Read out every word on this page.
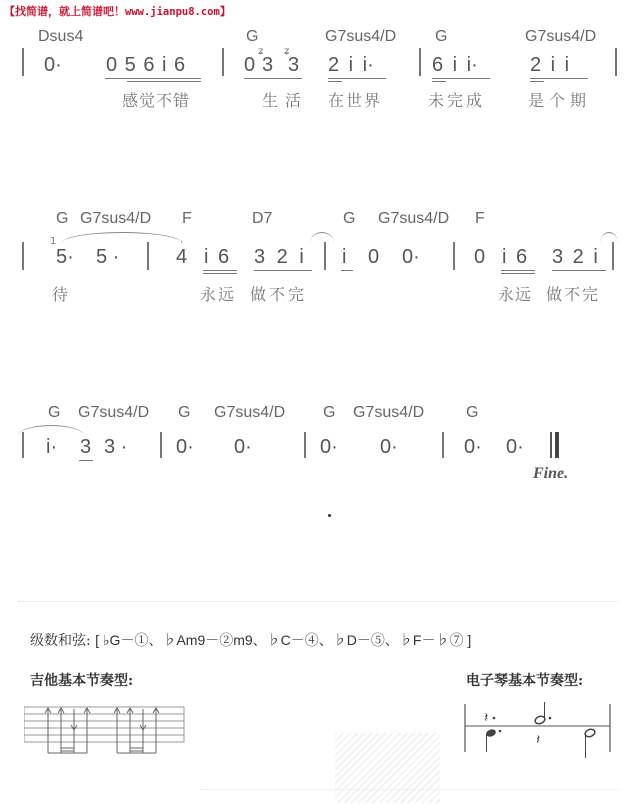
【找简谱，就上简谱吧！www.jianpu8.com】
Dsus4	G	G7sus4/D G	G7sus4/D
0· 0 5 6 i 6	0
ʑ
3
ʑ
3 2 i i·	6 i i·	2 i i
感觉不错	生活 在世界	未完成	是个期
G G7sus4/D F	D7	G G7sus4/D F
1
5· 5 ·	4
·
i 6 3 2 i i 0 0·	0 i 6 3 2 i
待	永远 做不完	永远 做不完
G G7sus4/D G G7sus4/D G G7sus4/D	G
i· 3 3 · 0· 0·	0· 0·	0· 0·
Fine.
级数和弦: [ ♭G－①、♭Am9－②m9、♭C－④、♭D－⑤、♭F－♭⑦ ]
吉他基本节奏型:	电子琴基本节奏型:
𝄽
𝄽
